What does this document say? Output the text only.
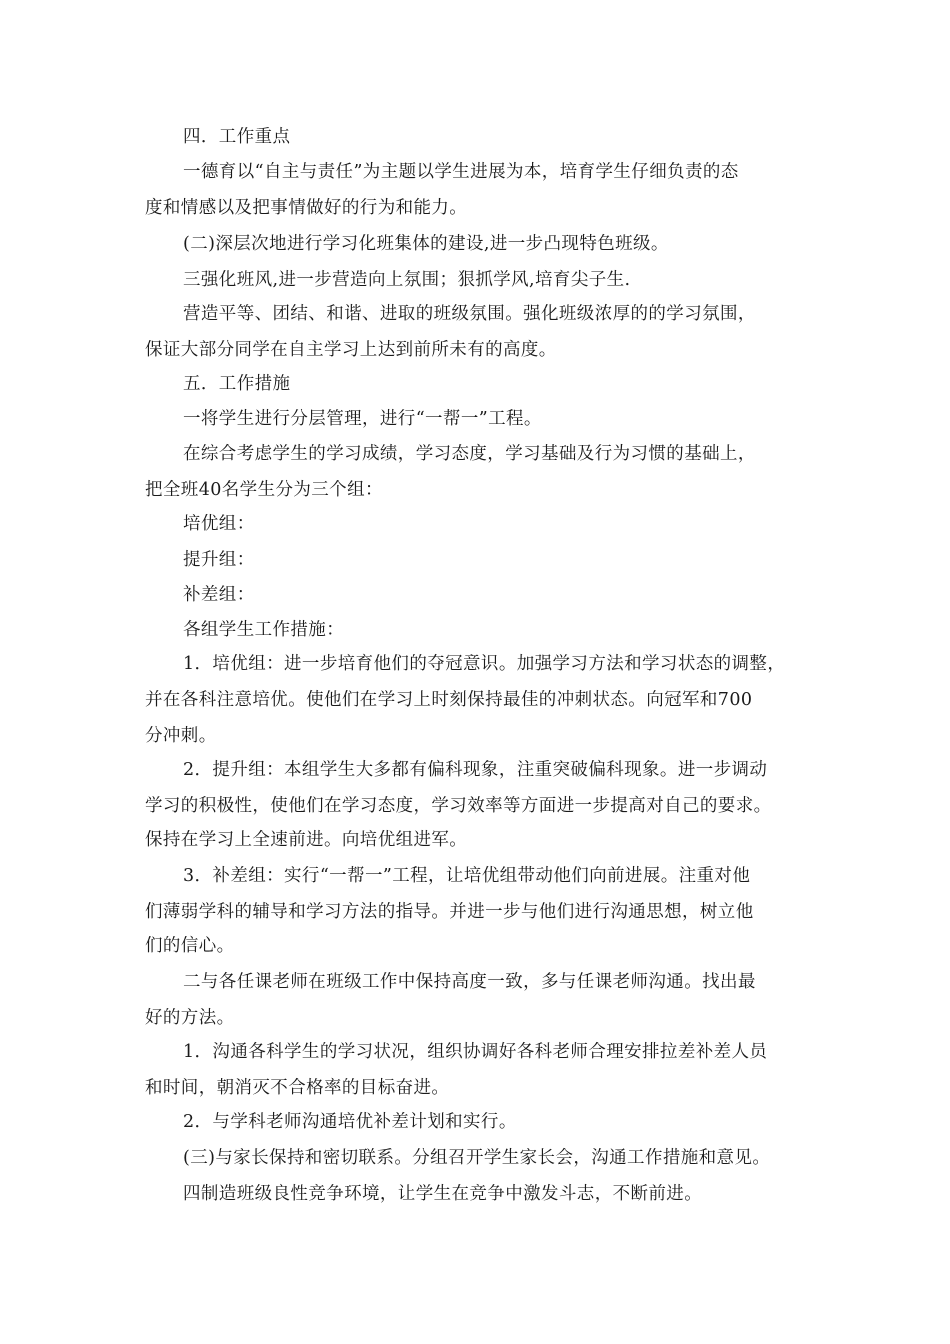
四．工作重点
一德育以“自主与责任”为主题以学生进展为本，培育学生仔细负责的态
度和情感以及把事情做好的行为和能力。
(二)深层次地进行学习化班集体的建设,进一步凸现特色班级。
三强化班风,进一步营造向上氛围；狠抓学风,培育尖子生.
营造平等、团结、和谐、进取的班级氛围。强化班级浓厚的的学习氛围，
保证大部分同学在自主学习上达到前所未有的高度。
五．工作措施
一将学生进行分层管理，进行“一帮一”工程。
在综合考虑学生的学习成绩，学习态度，学习基础及行为习惯的基础上，
把全班40名学生分为三个组：
培优组：
提升组：
补差组：
各组学生工作措施：
1．培优组：进一步培育他们的夺冠意识。加强学习方法和学习状态的调整，
并在各科注意培优。使他们在学习上时刻保持最佳的冲刺状态。向冠军和700
分冲刺。
2．提升组：本组学生大多都有偏科现象，注重突破偏科现象。进一步调动
学习的积极性，使他们在学习态度，学习效率等方面进一步提高对自己的要求。
保持在学习上全速前进。向培优组进军。
3．补差组：实行“一帮一”工程，让培优组带动他们向前进展。注重对他
们薄弱学科的辅导和学习方法的指导。并进一步与他们进行沟通思想，树立他
们的信心。
二与各任课老师在班级工作中保持高度一致，多与任课老师沟通。找出最
好的方法。
1．沟通各科学生的学习状况，组织协调好各科老师合理安排拉差补差人员
和时间，朝消灭不合格率的目标奋进。
2．与学科老师沟通培优补差计划和实行。
(三)与家长保持和密切联系。分组召开学生家长会，沟通工作措施和意见。
四制造班级良性竞争环境，让学生在竞争中激发斗志，不断前进。
